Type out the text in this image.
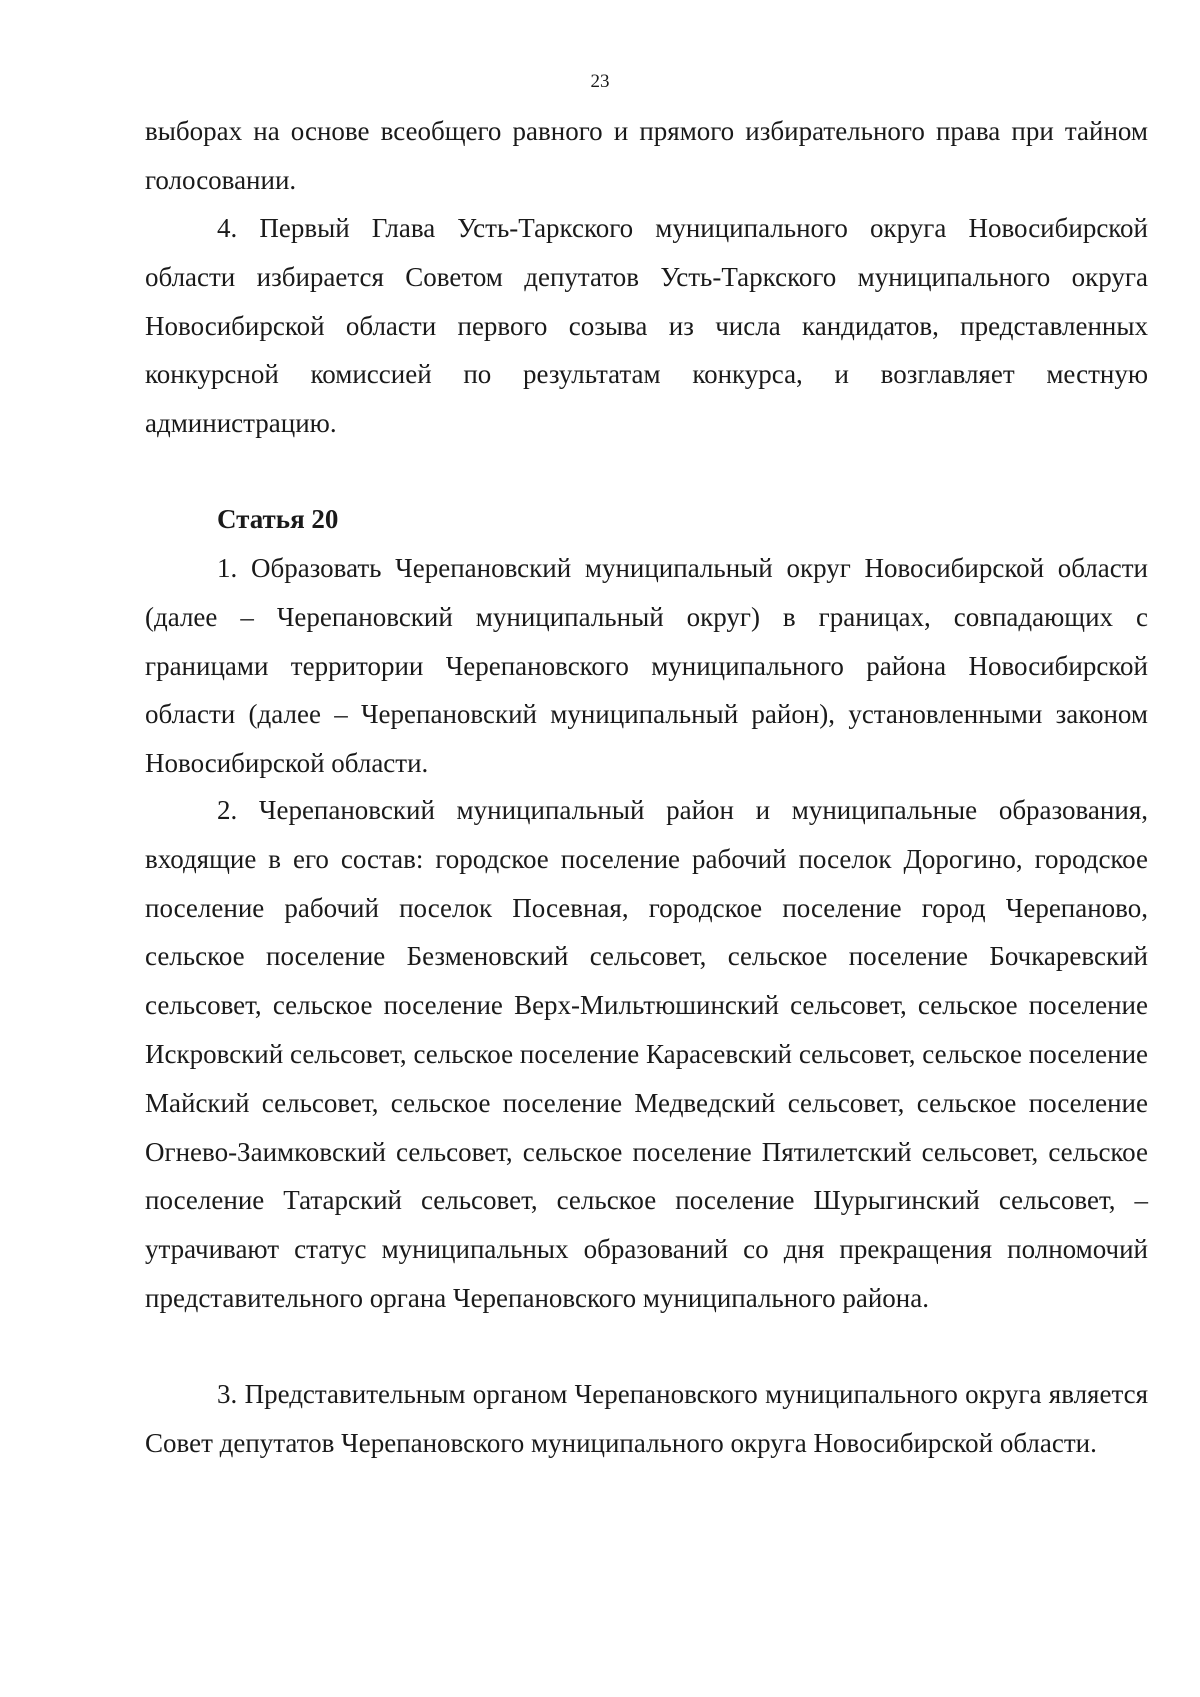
23

выборах на основе всеобщего равного и прямого избирательного права при тайном голосовании.

4. Первый Глава Усть-Таркского муниципального округа Новосибирской области избирается Советом депутатов Усть-Таркского муниципального округа Новосибирской области первого созыва из числа кандидатов, представленных конкурсной комиссией по результатам конкурса, и возглавляет местную администрацию.

Статья 20

1. Образовать Черепановский муниципальный округ Новосибирской области (далее – Черепановский муниципальный округ) в границах, совпадающих с границами территории Черепановского муниципального района Новосибирской области (далее – Черепановский муниципальный район), установленными законом Новосибирской области.

2. Черепановский муниципальный район и муниципальные образования, входящие в его состав: городское поселение рабочий поселок Дорогино, городское поселение рабочий поселок Посевная, городское поселение город Черепаново, сельское поселение Безменовский сельсовет, сельское поселение Бочкаревский сельсовет, сельское поселение Верх-Мильтюшинский сельсовет, сельское поселение Искровский сельсовет, сельское поселение Карасевский сельсовет, сельское поселение Майский сельсовет, сельское поселение Медведский сельсовет, сельское поселение Огнево-Заимковский сельсовет, сельское поселение Пятилетский сельсовет, сельское поселение Татарский сельсовет, сельское поселение Шурыгинский сельсовет, – утрачивают статус муниципальных образований со дня прекращения полномочий представительного органа Черепановского муниципального района.

3. Представительным органом Черепановского муниципального округа является Совет депутатов Черепановского муниципального округа Новосибирской области.
